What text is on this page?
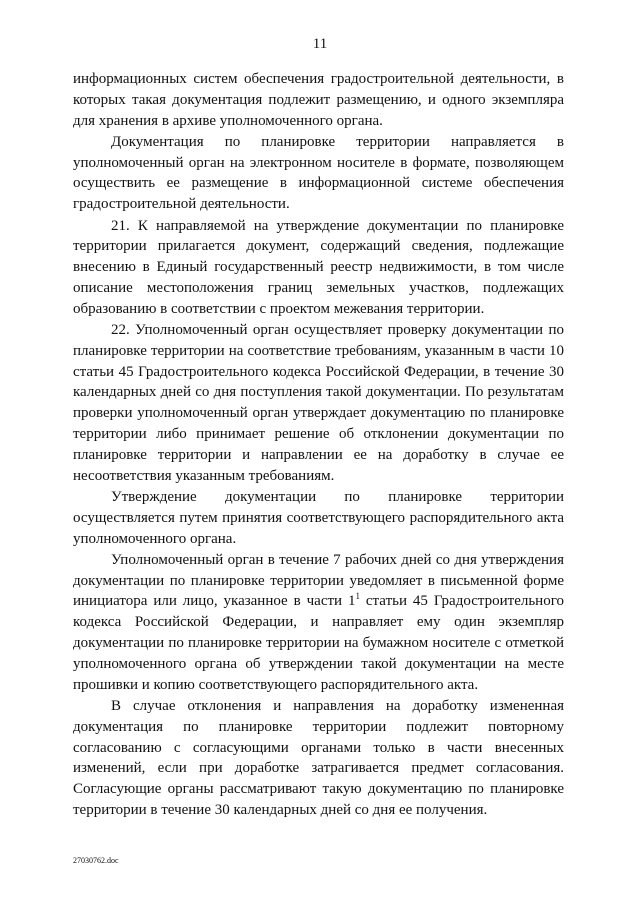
11

информационных систем обеспечения градостроительной деятельности, в которых такая документация подлежит размещению, и одного экземпляра для хранения в архиве уполномоченного органа.

Документация по планировке территории направляется в уполномоченный орган на электронном носителе в формате, позволяющем осуществить ее размещение в информационной системе обеспечения градостроительной деятельности.

21. К направляемой на утверждение документации по планировке территории прилагается документ, содержащий сведения, подлежащие внесению в Единый государственный реестр недвижимости, в том числе описание местоположения границ земельных участков, подлежащих образованию в соответствии с проектом межевания территории.

22. Уполномоченный орган осуществляет проверку документации по планировке территории на соответствие требованиям, указанным в части 10 статьи 45 Градостроительного кодекса Российской Федерации, в течение 30 календарных дней со дня поступления такой документации. По результатам проверки уполномоченный орган утверждает документацию по планировке территории либо принимает решение об отклонении документации по планировке территории и направлении ее на доработку в случае ее несоответствия указанным требованиям.

Утверждение документации по планировке территории осуществляется путем принятия соответствующего распорядительного акта уполномоченного органа.

Уполномоченный орган в течение 7 рабочих дней со дня утверждения документации по планировке территории уведомляет в письменной форме инициатора или лицо, указанное в части $1^1$ статьи 45 Градостроительного кодекса Российской Федерации, и направляет ему один экземпляр документации по планировке территории на бумажном носителе с отметкой уполномоченного органа об утверждении такой документации на месте прошивки и копию соответствующего распорядительного акта.

В случае отклонения и направления на доработку измененная документация по планировке территории подлежит повторному согласованию с согласующими органами только в части внесенных изменений, если при доработке затрагивается предмет согласования. Согласующие органы рассматривают такую документацию по планировке территории в течение 30 календарных дней со дня ее получения.

27030762.doc
